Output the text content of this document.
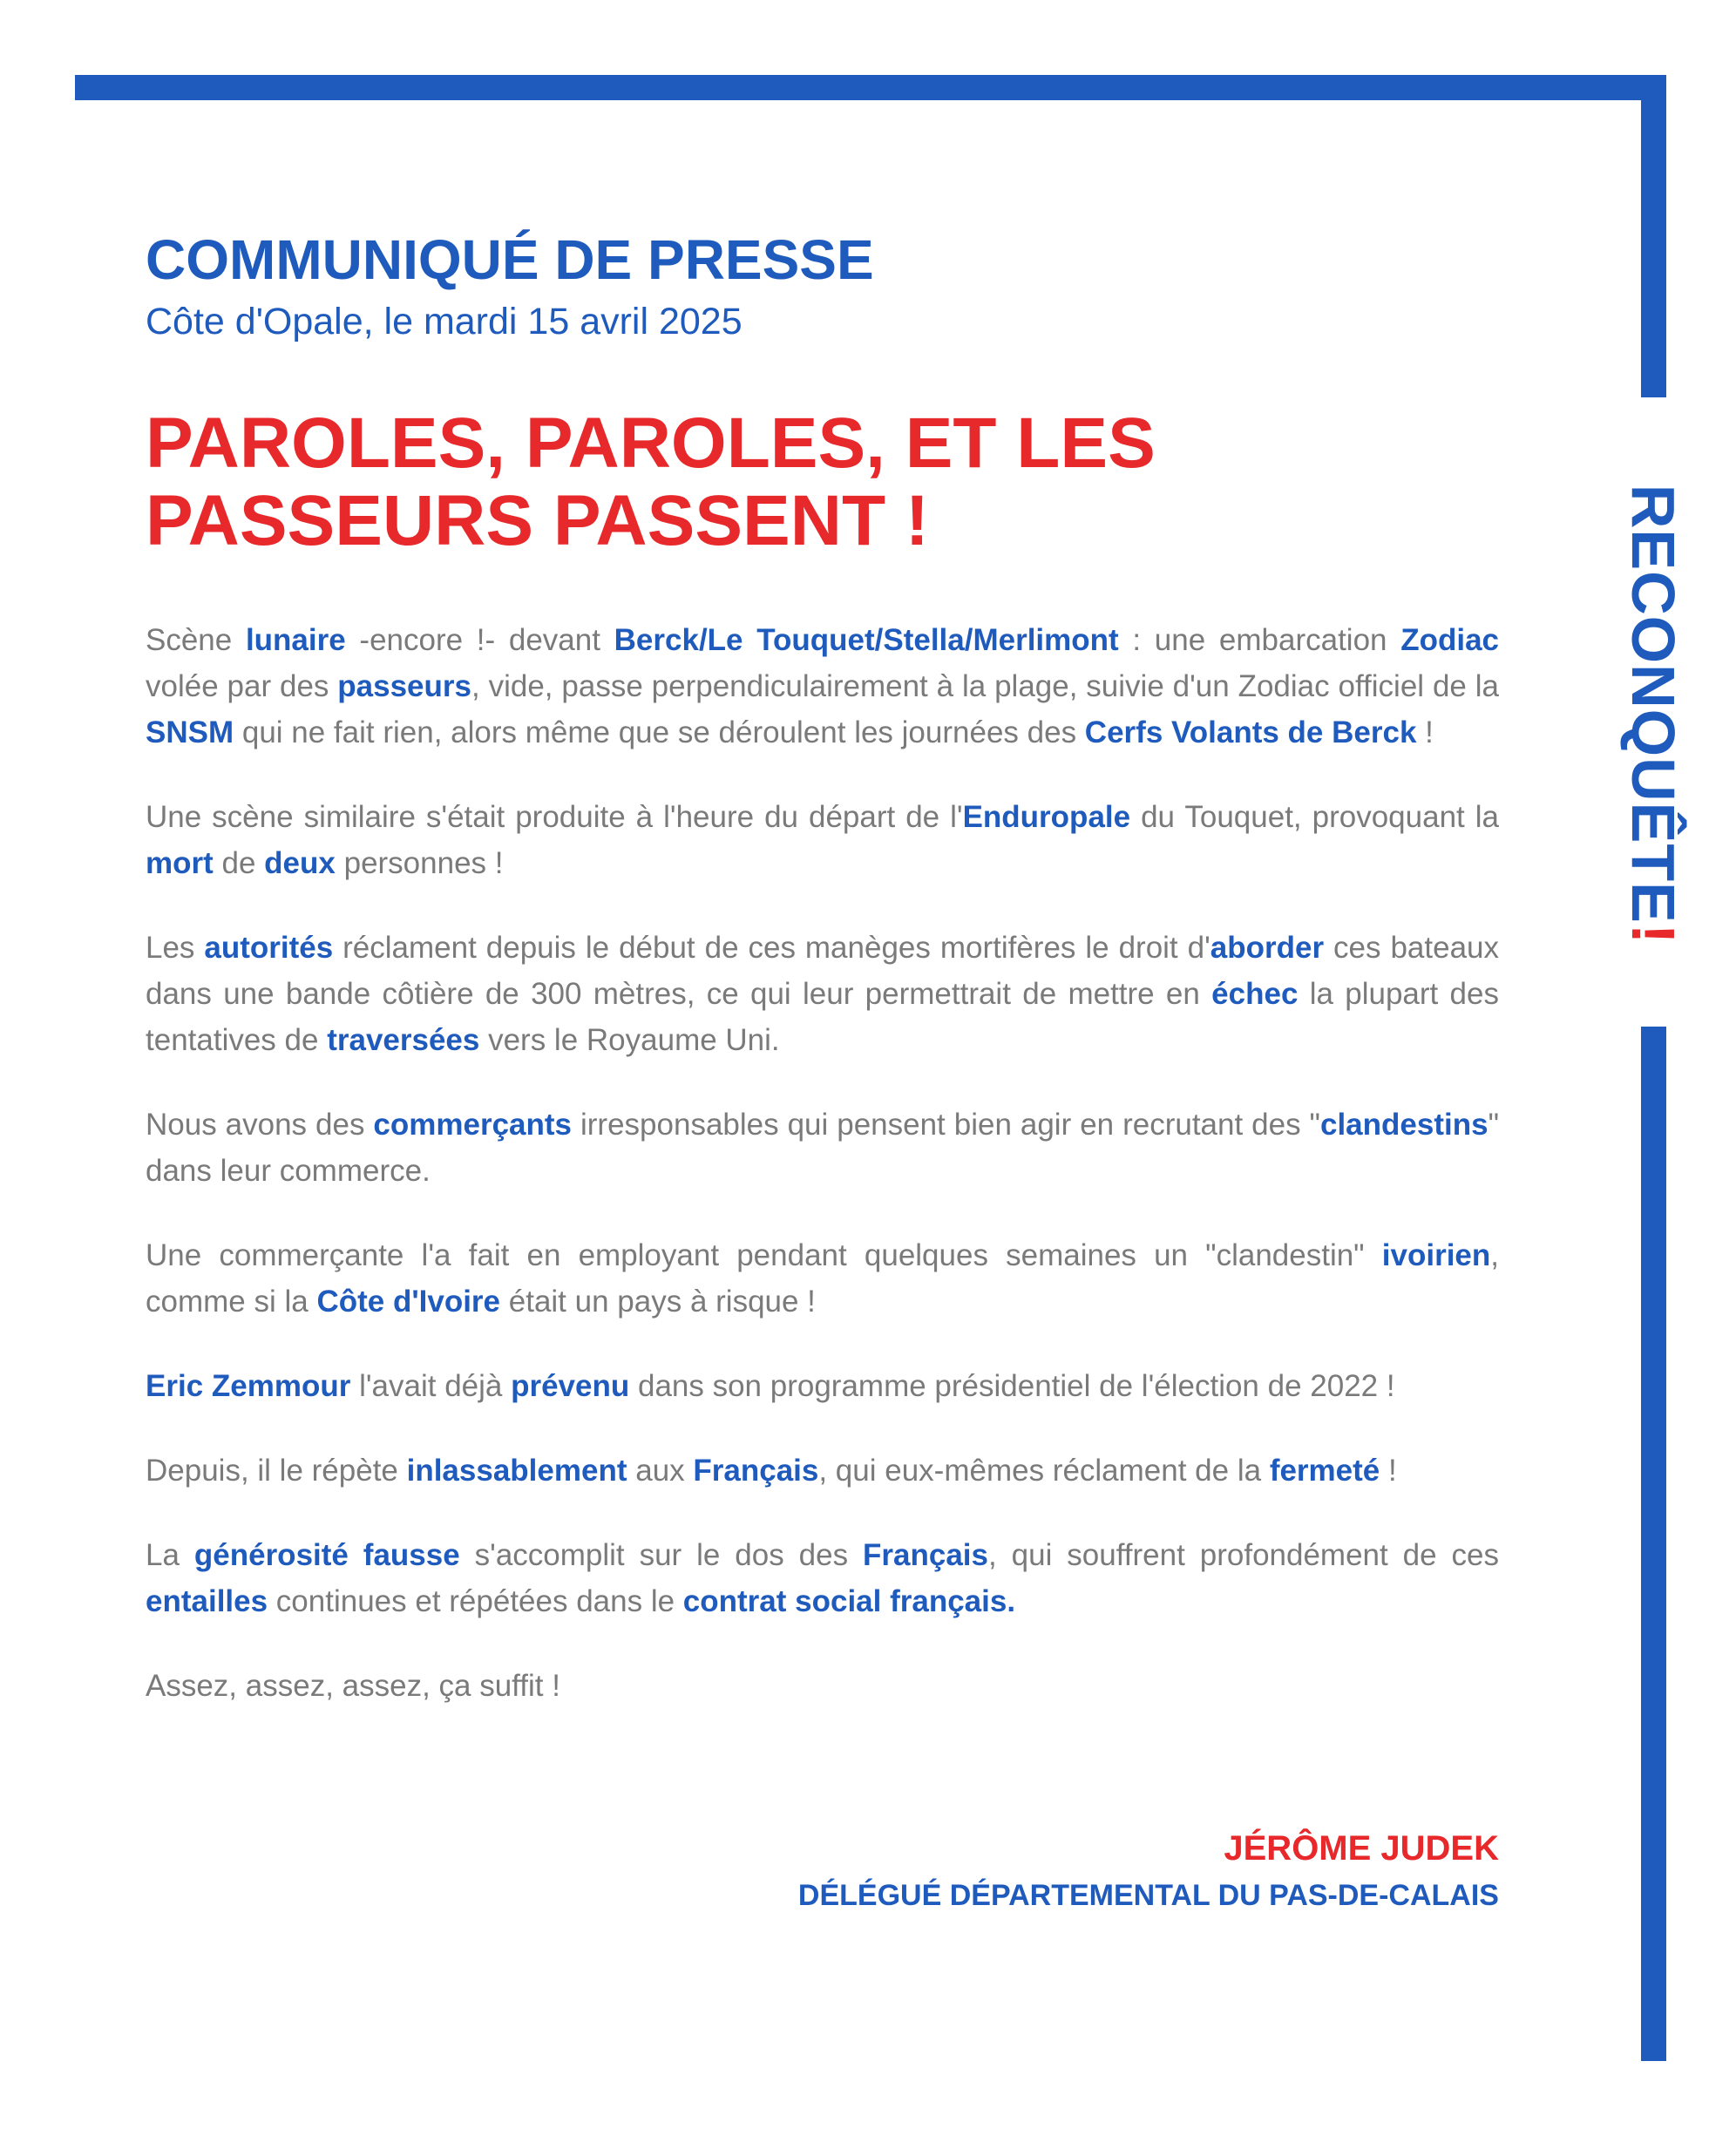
RECONQUÊTE!
COMMUNIQUÉ DE PRESSE

Côte d'Opale, le mardi 15 avril 2025

PAROLES, PAROLES, ET LES PASSEURS PASSENT !

Scène lunaire -encore !- devant Berck/Le Touquet/Stella/Merlimont : une embarcation Zodiac volée par des passeurs, vide, passe perpendiculairement à la plage, suivie d'un Zodiac officiel de la SNSM qui ne fait rien, alors même que se déroulent les journées des Cerfs Volants de Berck !

Une scène similaire s'était produite à l'heure du départ de l'Enduropale du Touquet, provoquant la mort de deux personnes !

Les autorités réclament depuis le début de ces manèges mortifères le droit d'aborder ces bateaux dans une bande côtière de 300 mètres, ce qui leur permettrait de mettre en échec la plupart des tentatives de traversées vers le Royaume Uni.

Nous avons des commerçants irresponsables qui pensent bien agir en recrutant des "clandestins" dans leur commerce.

Une commerçante l'a fait en employant pendant quelques semaines un "clandestin" ivoirien, comme si la Côte d'Ivoire était un pays à risque !

Eric Zemmour l'avait déjà prévenu dans son programme présidentiel de l'élection de 2022 !

Depuis, il le répète inlassablement aux Français, qui eux-mêmes réclament de la fermeté !

La générosité fausse s'accomplit sur le dos des Français, qui souffrent profondément de ces entailles continues et répétées dans le contrat social français.

Assez, assez, assez, ça suffit !

JÉRÔME JUDEK
DÉLÉGUÉ DÉPARTEMENTAL DU PAS-DE-CALAIS
